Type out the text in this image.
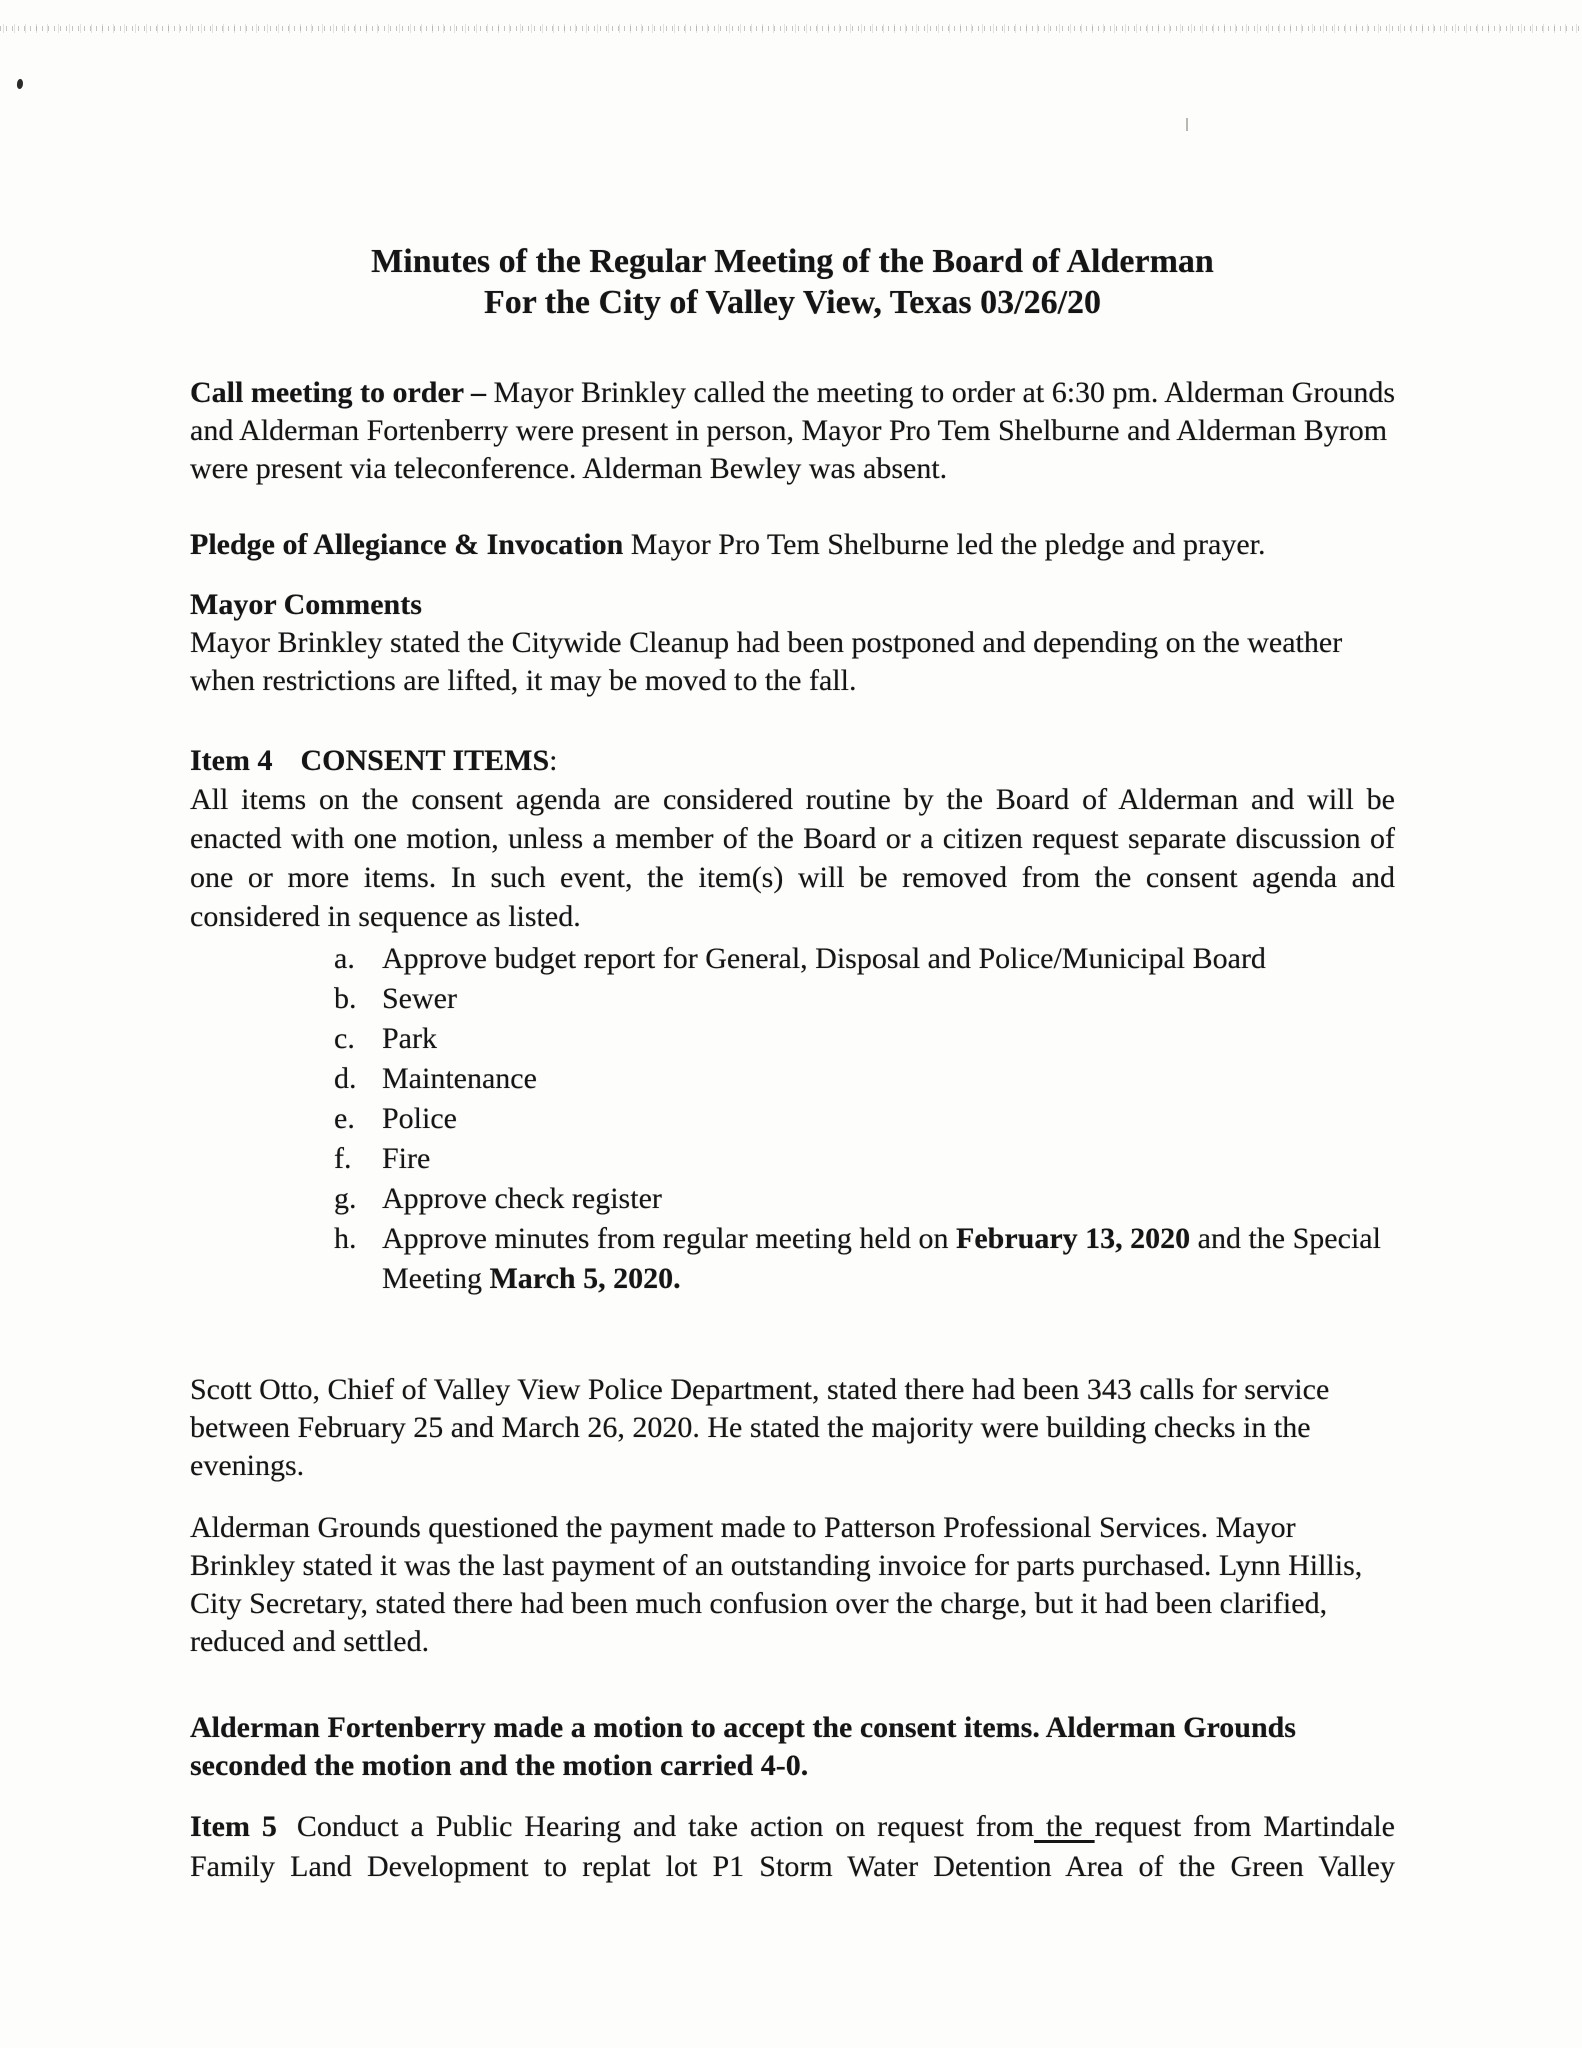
Minutes of the Regular Meeting of the Board of Alderman
For the City of Valley View, Texas 03/26/20

Call meeting to order – Mayor Brinkley called the meeting to order at 6:30 pm. Alderman Grounds and Alderman Fortenberry were present in person, Mayor Pro Tem Shelburne and Alderman Byrom were present via teleconference. Alderman Bewley was absent.

Pledge of Allegiance & Invocation Mayor Pro Tem Shelburne led the pledge and prayer.

Mayor Comments

Mayor Brinkley stated the Citywide Cleanup had been postponed and depending on the weather when restrictions are lifted, it may be moved to the fall.

Item 4 CONSENT ITEMS:

All items on the consent agenda are considered routine by the Board of Alderman and will be enacted with one motion, unless a member of the Board or a citizen request separate discussion of one or more items. In such event, the item(s) will be removed from the consent agenda and considered in sequence as listed.

a. Approve budget report for General, Disposal and Police/Municipal Board
b. Sewer
c. Park
d. Maintenance
e. Police
f.	Fire
g. Approve check register
h. Approve minutes from regular meeting held on February 13, 2020 and the Special Meeting March 5, 2020.

Scott Otto, Chief of Valley View Police Department, stated there had been 343 calls for service between February 25 and March 26, 2020. He stated the majority were building checks in the evenings.

Alderman Grounds questioned the payment made to Patterson Professional Services. Mayor Brinkley stated it was the last payment of an outstanding invoice for parts purchased. Lynn Hillis, City Secretary, stated there had been much confusion over the charge, but it had been clarified, reduced and settled.

Alderman Fortenberry made a motion to accept the consent items. Alderman Grounds seconded the motion and the motion carried 4-0.

Item 5 Conduct a Public Hearing and take action on request from the request from Martindale Family Land Development to replat lot P1 Storm Water Detention Area of the Green Valley
